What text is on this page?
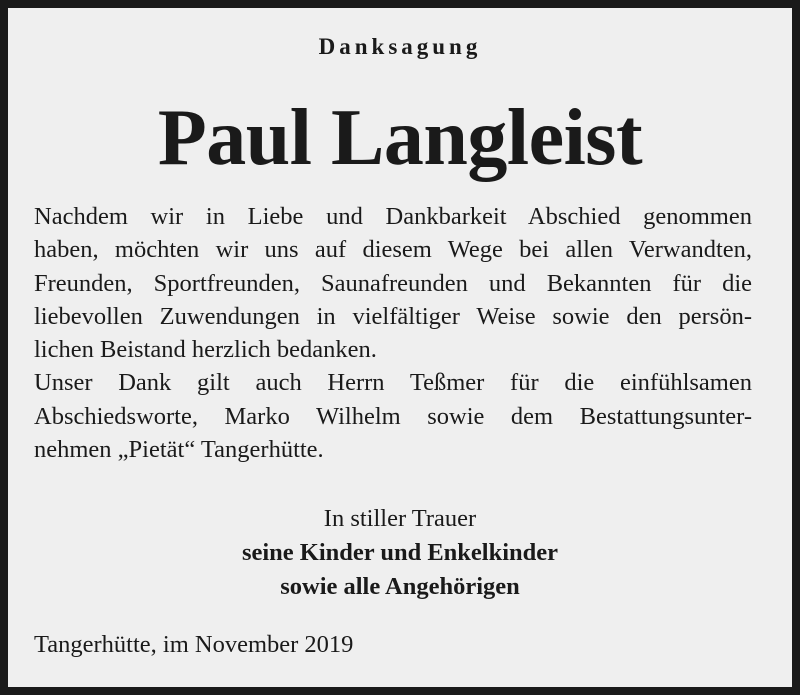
Danksagung
Paul Langleist
Nachdem wir in Liebe und Dankbarkeit Abschied genommen
haben, möchten wir uns auf diesem Wege bei allen Verwandten,
Freunden, Sportfreunden, Saunafreunden und Bekannten für die
liebevollen Zuwendungen in vielfältiger Weise sowie den persön-
lichen Beistand herzlich bedanken.
Unser Dank gilt auch Herrn Teßmer für die einfühlsamen
Abschiedsworte, Marko Wilhelm sowie dem Bestattungsunter-
nehmen „Pietät“ Tangerhütte.
In stiller Trauer
seine Kinder und Enkelkinder
sowie alle Angehörigen
Tangerhütte, im November 2019
